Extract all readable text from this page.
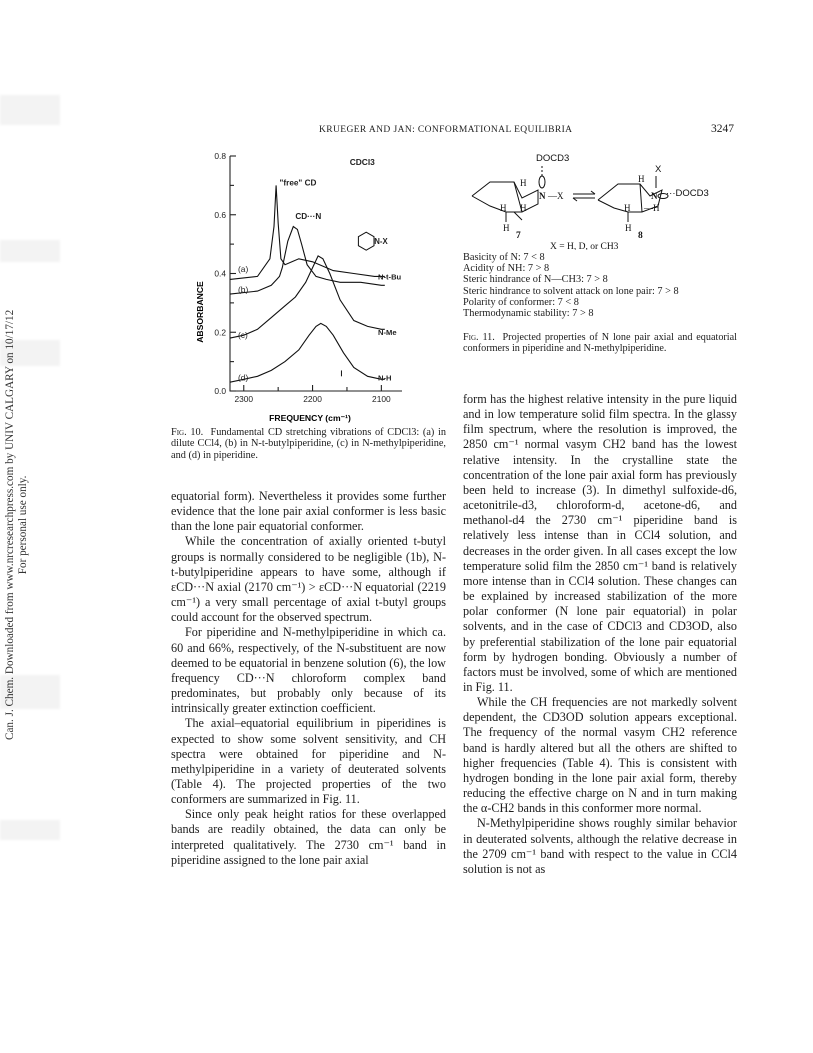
Can. J. Chem. Downloaded from www.nrcresearchpress.com by UNIV CALGARY on 10/17/12 For personal use only.
KRUEGER AND JAN: CONFORMATIONAL EQUILIBRIA	3247
0.0
0.2
0.4
0.6
0.8
2300	2200	2100
CDCl3
"free" CD
CD···N
(a)
(b)
(c)
(d)
N-t-Bu
N-Me
N-H
N-X
ABSORBANCE
FREQUENCY (cm⁻¹)
Fig. 10. Fundamental CD stretching vibrations of CDCl3: (a) in dilute CCl4, (b) in N-t-butylpiperidine, (c) in N-methylpiperidine, and (d) in piperidine.
DOCD3
X
···DOCD3
7	8
X = H, D, or CH3
H
N —X
H H
H
H
N
H —H
H
Basicity of N: 7 < 8
Acidity of NH: 7 > 8
Steric hindrance of N—CH3: 7 > 8
Steric hindrance to solvent attack on lone pair: 7 > 8
Polarity of conformer: 7 < 8
Thermodynamic stability: 7 > 8
Fig. 11. Projected properties of N lone pair axial and equatorial conformers in piperidine and N-methylpiperidine.

equatorial form). Nevertheless it provides some further evidence that the lone pair axial conformer is less basic than the lone pair equatorial conformer.

While the concentration of axially oriented t-butyl groups is normally considered to be negligible (1b), N-t-butylpiperidine appears to have some, although if εCD···N axial (2170 cm⁻¹) > εCD···N equatorial (2219 cm⁻¹) a very small percentage of axial t-butyl groups could account for the observed spectrum.

For piperidine and N-methylpiperidine in which ca. 60 and 66%, respectively, of the N-substituent are now deemed to be equatorial in benzene solution (6), the low frequency CD···N chloroform complex band predominates, but probably only because of its intrinsically greater extinction coefficient.

The axial–equatorial equilibrium in piperidines is expected to show some solvent sensitivity, and CH spectra were obtained for piperidine and N-methylpiperidine in a variety of deuterated solvents (Table 4). The projected properties of the two conformers are summarized in Fig. 11.

Since only peak height ratios for these overlapped bands are readily obtained, the data can only be interpreted qualitatively. The 2730 cm⁻¹ band in piperidine assigned to the lone pair axial

form has the highest relative intensity in the pure liquid and in low temperature solid film spectra. In the glassy film spectrum, where the resolution is improved, the 2850 cm⁻¹ normal νasym CH2 band has the lowest relative intensity. In the crystalline state the concentration of the lone pair axial form has previously been held to increase (3). In dimethyl sulfoxide-d6, acetonitrile-d3, chloroform-d, acetone-d6, and methanol-d4 the 2730 cm⁻¹ piperidine band is relatively less intense than in CCl4 solution, and decreases in the order given. In all cases except the low temperature solid film the 2850 cm⁻¹ band is relatively more intense than in CCl4 solution. These changes can be explained by increased stabilization of the more polar conformer (N lone pair equatorial) in polar solvents, and in the case of CDCl3 and CD3OD, also by preferential stabilization of the lone pair equatorial form by hydrogen bonding. Obviously a number of factors must be involved, some of which are mentioned in Fig. 11.

While the CH frequencies are not markedly solvent dependent, the CD3OD solution appears exceptional. The frequency of the normal νasym CH2 reference band is hardly altered but all the others are shifted to higher frequencies (Table 4). This is consistent with hydrogen bonding in the lone pair axial form, thereby reducing the effective charge on N and in turn making the α-CH2 bands in this conformer more normal.

N-Methylpiperidine shows roughly similar behavior in deuterated solvents, although the relative decrease in the 2709 cm⁻¹ band with respect to the value in CCl4 solution is not as
